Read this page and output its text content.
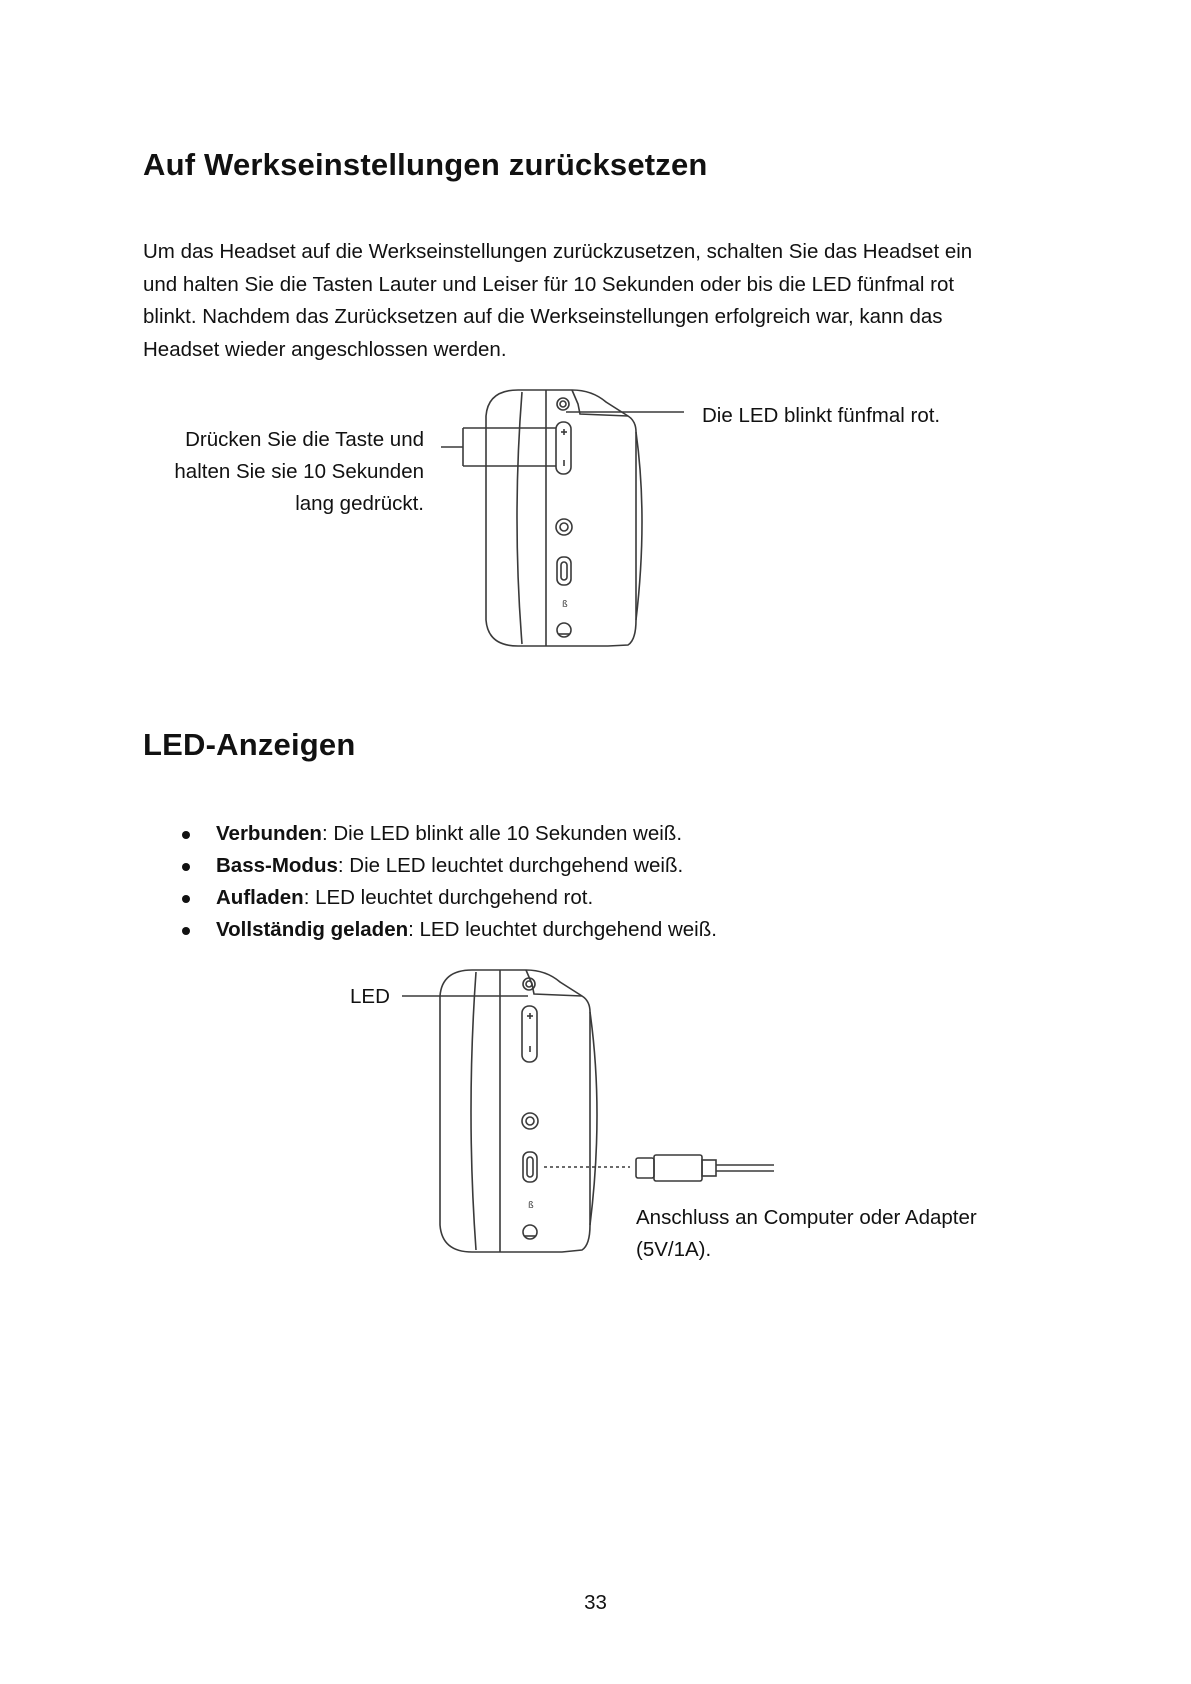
Auf Werkseinstellungen zurücksetzen
Um das Headset auf die Werkseinstellungen zurückzusetzen, schalten Sie das Headset ein
und halten Sie die Tasten Lauter und Leiser für 10 Sekunden oder bis die LED fünfmal rot
blinkt. Nachdem das Zurücksetzen auf die Werkseinstellungen erfolgreich war, kann das
Headset wieder angeschlossen werden.
Die LED blinkt fünfmal rot.
Drücken Sie die Taste und
halten Sie sie 10 Sekunden
lang gedrückt.
LED-Anzeigen
Verbunden: Die LED blinkt alle 10 Sekunden weiß.
Bass-Modus: Die LED leuchtet durchgehend weiß.
Aufladen: LED leuchtet durchgehend rot.
Vollständig geladen: LED leuchtet durchgehend weiß.
LED
Anschluss an Computer oder Adapter
(5V/1A).
ß
ß
33
